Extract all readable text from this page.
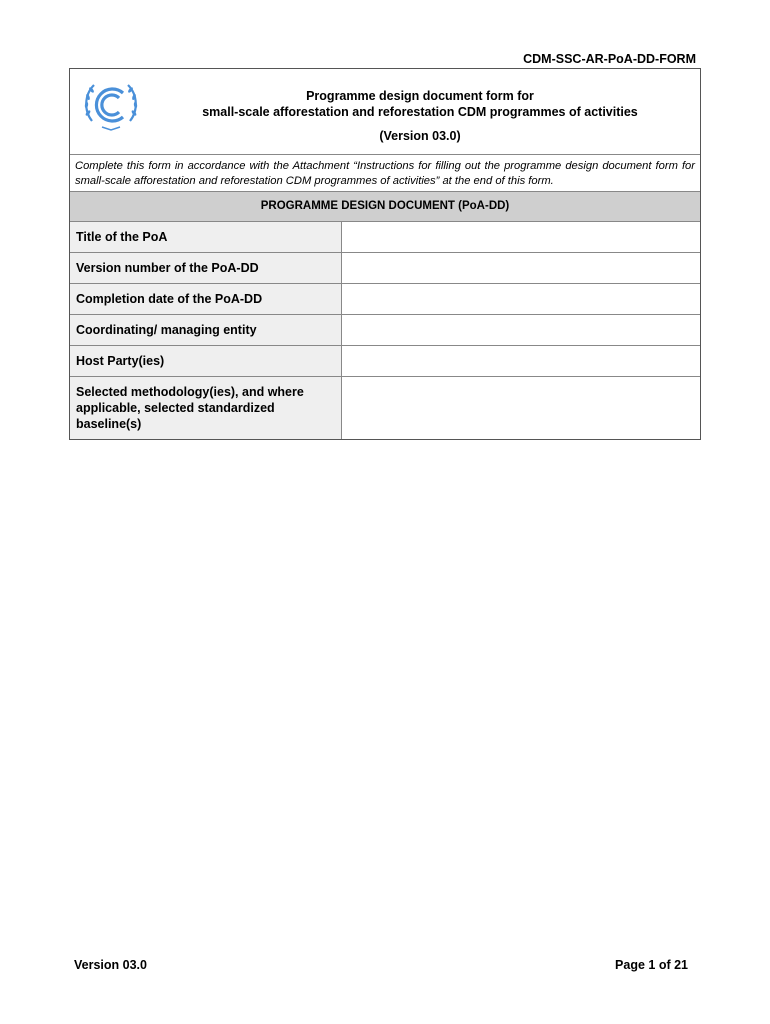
CDM-SSC-AR-PoA-DD-FORM
Programme design document form for
small-scale afforestation and reforestation CDM programmes of activities
(Version 03.0)
Complete this form in accordance with the Attachment “Instructions for filling out the programme design document form for small-scale afforestation and reforestation CDM programmes of activities” at the end of this form.
PROGRAMME DESIGN DOCUMENT (PoA-DD)
Title of the PoA	
Version number of the PoA-DD	
Completion date of the PoA-DD	
Coordinating/ managing entity	
Host Party(ies)	
Selected methodology(ies), and where applicable, selected standardized baseline(s)	
Version 03.0	Page 1 of 21
